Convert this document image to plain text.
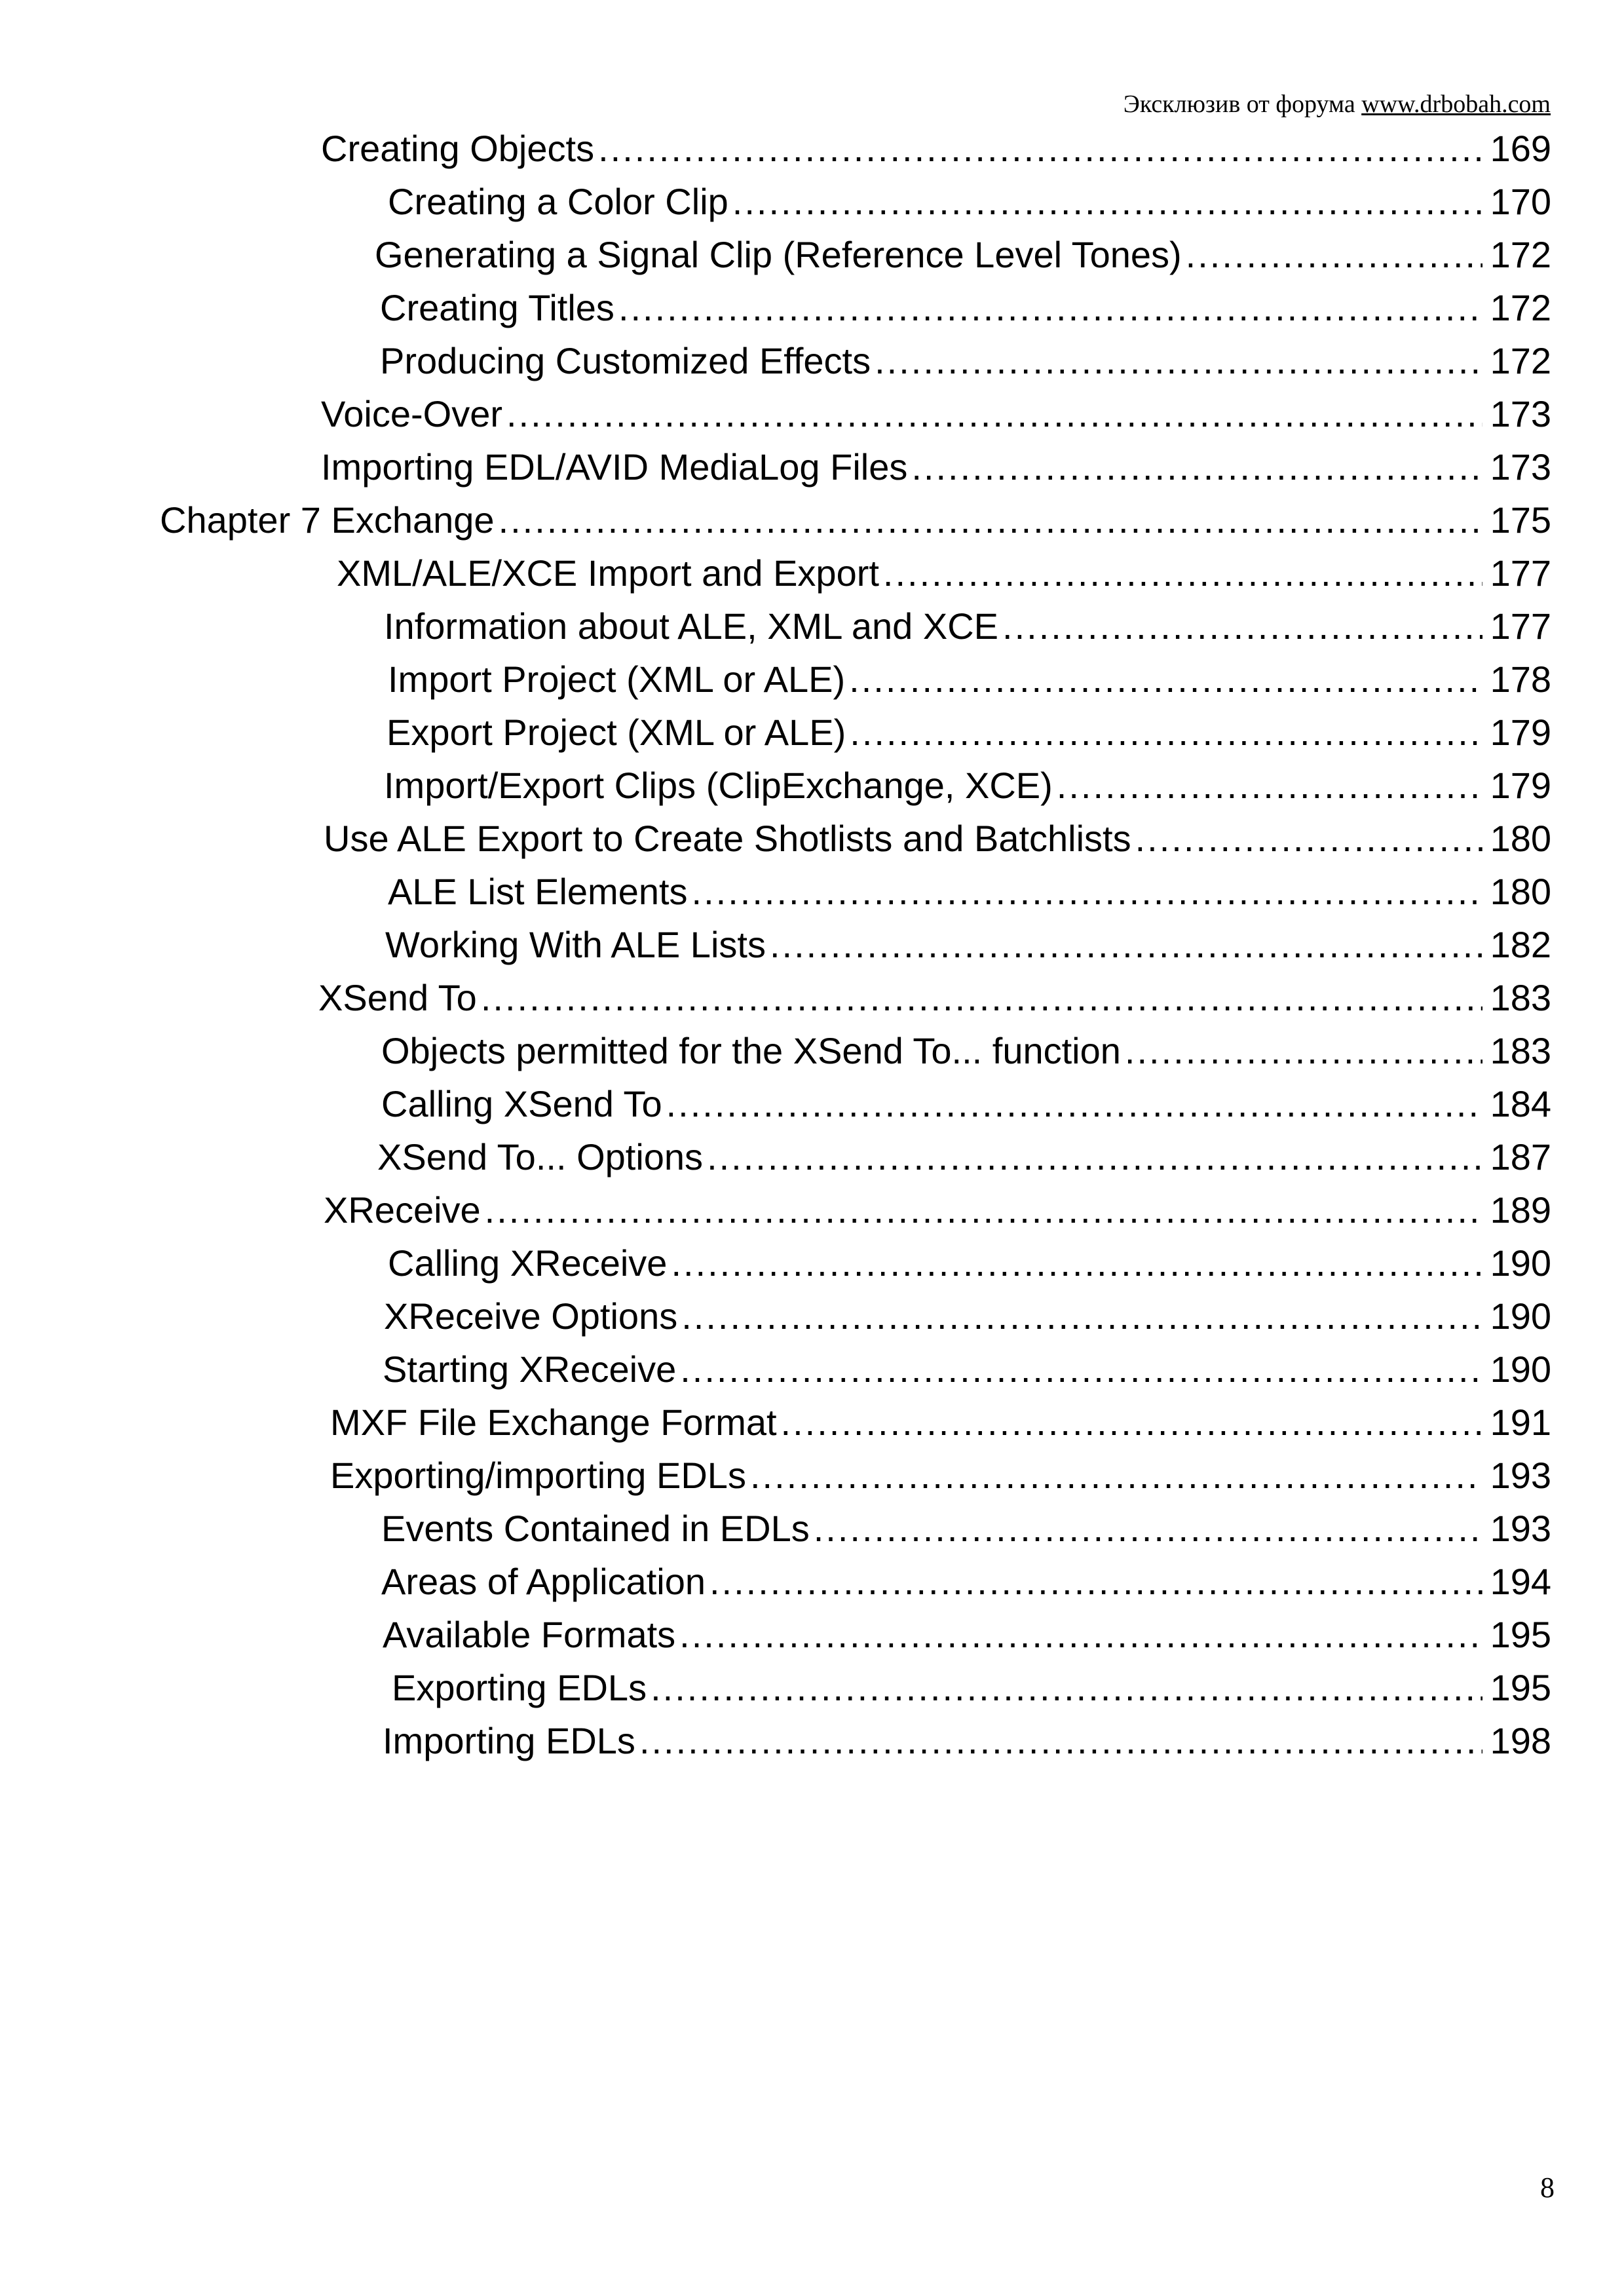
Эксклюзив от форума www.drbobah.com
Creating Objects .....	169
Creating a Color Clip .....	170
Generating a Signal Clip (Reference Level Tones) .....	172
Creating Titles .....	172
Producing Customized Effects .....	172
Voice-Over .....	173
Importing EDL/AVID MediaLog Files .....	173
Chapter 7 Exchange .....	175
XML/ALE/XCE Import and Export .....	177
Information about ALE, XML and XCE .....	177
Import Project (XML or ALE) .....	178
Export Project (XML or ALE) .....	179
Import/Export Clips (ClipExchange, XCE) .....	179
Use ALE Export to Create Shotlists and Batchlists .....	180
ALE List Elements .....	180
Working With ALE Lists .....	182
XSend To .....	183
Objects permitted for the XSend To... function .....	183
Calling XSend To .....	184
XSend To... Options .....	187
XReceive .....	189
Calling XReceive .....	190
XReceive Options .....	190
Starting XReceive .....	190
MXF File Exchange Format .....	191
Exporting/importing EDLs .....	193
Events Contained in EDLs .....	193
Areas of Application .....	194
Available Formats .....	195
Exporting EDLs .....	195
Importing EDLs .....	198
8
